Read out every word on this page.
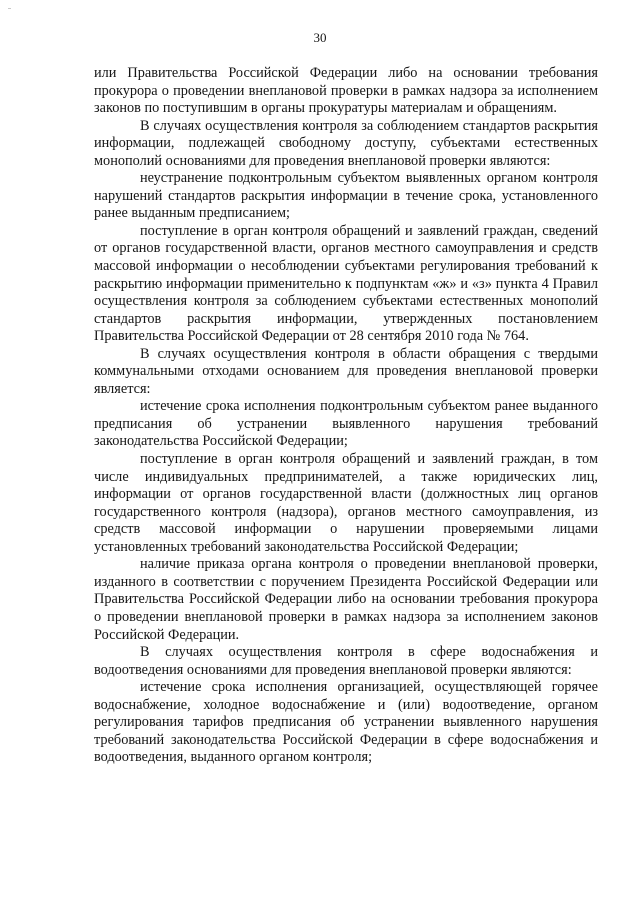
30

или Правительства Российской Федерации либо на основании требования прокурора о проведении внеплановой проверки в рамках надзора за исполнением законов по поступившим в органы прокуратуры материалам и обращениям.

В случаях осуществления контроля за соблюдением стандартов раскрытия информации, подлежащей свободному доступу, субъектами естественных монополий основаниями для проведения внеплановой проверки являются:

неустранение подконтрольным субъектом выявленных органом контроля нарушений стандартов раскрытия информации в течение срока, установленного ранее выданным предписанием;

поступление в орган контроля обращений и заявлений граждан, сведений от органов государственной власти, органов местного самоуправления и средств массовой информации о несоблюдении субъектами регулирования требований к раскрытию информации применительно к подпунктам «ж» и «з» пункта 4 Правил осуществления контроля за соблюдением субъектами естественных монополий стандартов раскрытия информации, утвержденных постановлением Правительства Российской Федерации от 28 сентября 2010 года № 764.

В случаях осуществления контроля в области обращения с твердыми коммунальными отходами основанием для проведения внеплановой проверки является:

истечение срока исполнения подконтрольным субъектом ранее выданного предписания об устранении выявленного нарушения требований законодательства Российской Федерации;

поступление в орган контроля обращений и заявлений граждан, в том числе индивидуальных предпринимателей, а также юридических лиц, информации от органов государственной власти (должностных лиц органов государственного контроля (надзора), органов местного самоуправления, из средств массовой информации о нарушении проверяемыми лицами установленных требований законодательства Российской Федерации;

наличие приказа органа контроля о проведении внеплановой проверки, изданного в соответствии с поручением Президента Российской Федерации или Правительства Российской Федерации либо на основании требования прокурора о проведении внеплановой проверки в рамках надзора за исполнением законов Российской Федерации.

В случаях осуществления контроля в сфере водоснабжения и водоотведения основаниями для проведения внеплановой проверки являются:

истечение срока исполнения организацией, осуществляющей горячее водоснабжение, холодное водоснабжение и (или) водоотведение, органом регулирования тарифов предписания об устранении выявленного нарушения требований законодательства Российской Федерации в сфере водоснабжения и водоотведения, выданного органом контроля;
